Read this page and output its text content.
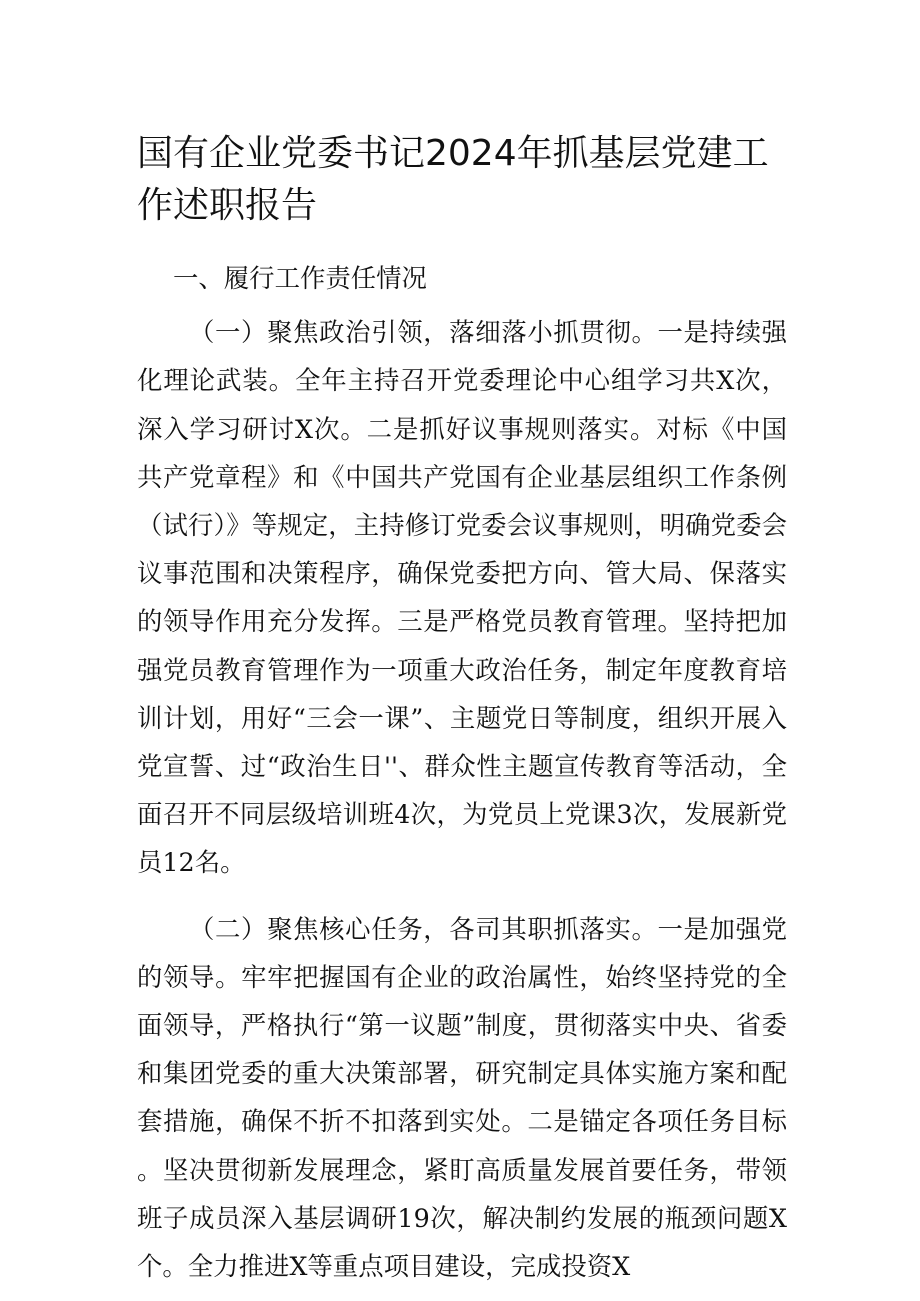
国有企业党委书记2024年抓基层党建工作述职报告

一、履行工作责任情况

（一）聚焦政治引领，落细落小抓贯彻。一是持续强化理论武装。全年主持召开党委理论中心组学习共X次，深入学习研讨X次。二是抓好议事规则落实。对标《中国共产党章程》和《中国共产党国有企业基层组织工作条例（试行）》等规定，主持修订党委会议事规则，明确党委会议事范围和决策程序，确保党委把方向、管大局、保落实的领导作用充分发挥。三是严格党员教育管理。坚持把加强党员教育管理作为一项重大政治任务，制定年度教育培训计划，用好“三会一课”、主题党日等制度，组织开展入党宣誓、过“政治生日''、群众性主题宣传教育等活动，全面召开不同层级培训班4次，为党员上党课3次，发展新党员12名。

（二）聚焦核心任务，各司其职抓落实。一是加强党的领导。牢牢把握国有企业的政治属性，始终坚持党的全面领导，严格执行“第一议题”制度，贯彻落实中央、省委和集团党委的重大决策部署，研究制定具体实施方案和配套措施，确保不折不扣落到实处。二是锚定各项任务目标。坚决贯彻新发展理念，紧盯高质量发展首要任务，带领班子成员深入基层调研19次，解决制约发展的瓶颈问题X个。全力推进X等重点项目建设，完成投资X
